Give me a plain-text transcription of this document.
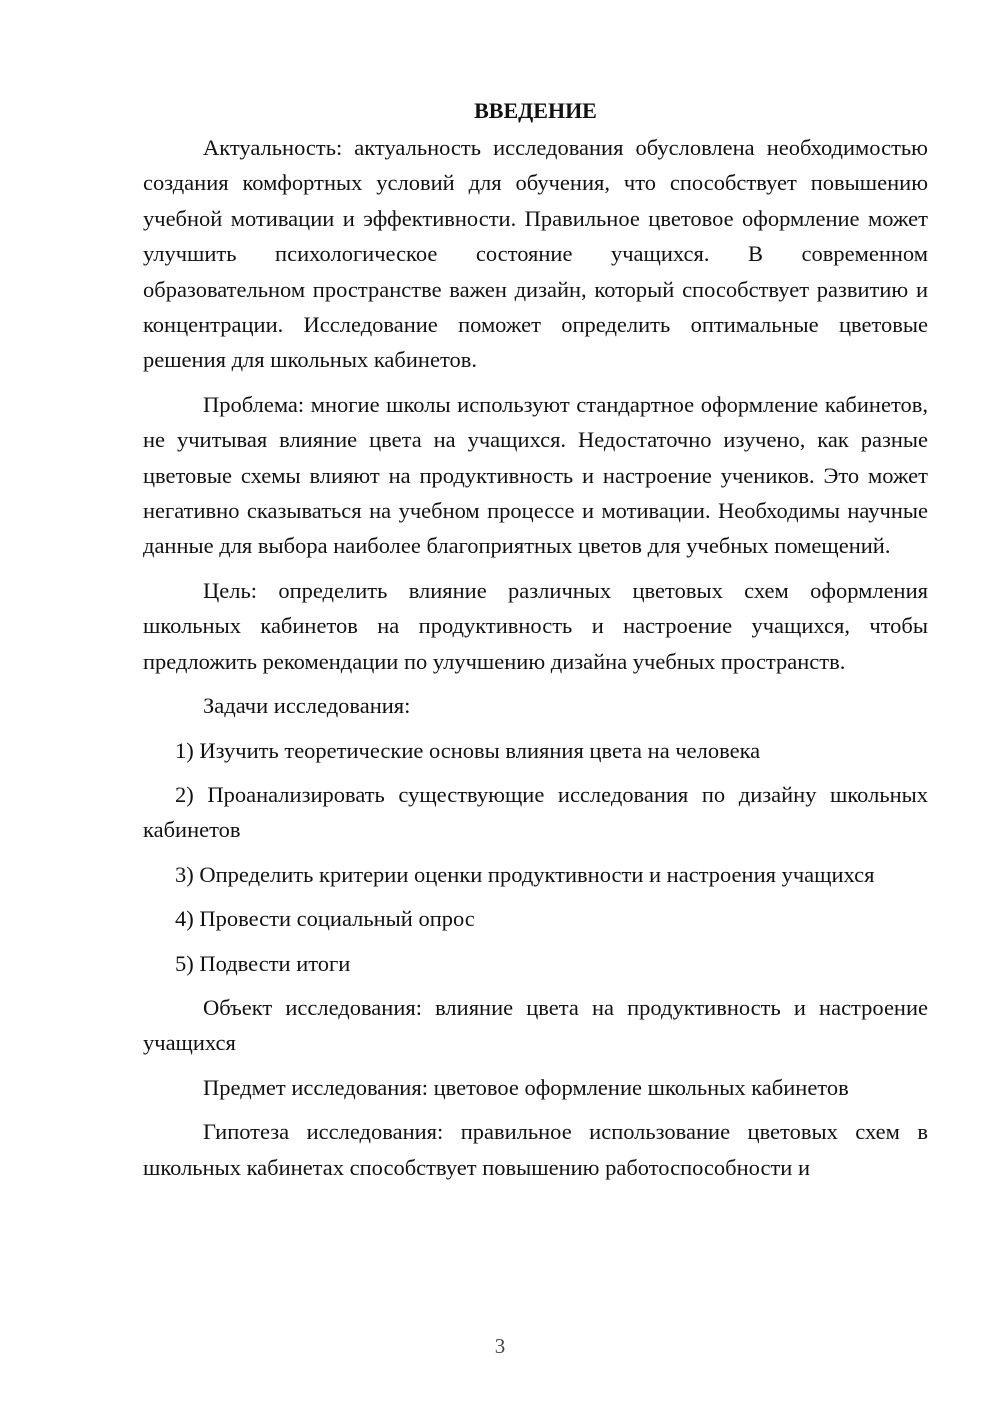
ВВЕДЕНИЕ

Актуальность: актуальность исследования обусловлена необходимостью создания комфортных условий для обучения, что способствует повышению учебной мотивации и эффективности. Правильное цветовое оформление может улучшить психологическое состояние учащихся. В современном образовательном пространстве важен дизайн, который способствует развитию и концентрации. Исследование поможет определить оптимальные цветовые решения для школьных кабинетов.

Проблема: многие школы используют стандартное оформление кабинетов, не учитывая влияние цвета на учащихся. Недостаточно изучено, как разные цветовые схемы влияют на продуктивность и настроение учеников. Это может негативно сказываться на учебном процессе и мотивации. Необходимы научные данные для выбора наиболее благоприятных цветов для учебных помещений.

Цель: определить влияние различных цветовых схем оформления школьных кабинетов на продуктивность и настроение учащихся, чтобы предложить рекомендации по улучшению дизайна учебных пространств.

Задачи исследования:

1) Изучить теоретические основы влияния цвета на человека

2) Проанализировать существующие исследования по дизайну школьных кабинетов

3) Определить критерии оценки продуктивности и настроения учащихся

4) Провести социальный опрос

5) Подвести итоги

Объект исследования: влияние цвета на продуктивность и настроение учащихся

Предмет исследования: цветовое оформление школьных кабинетов

Гипотеза исследования: правильное использование цветовых схем в школьных кабинетах способствует повышению работоспособности и

3
